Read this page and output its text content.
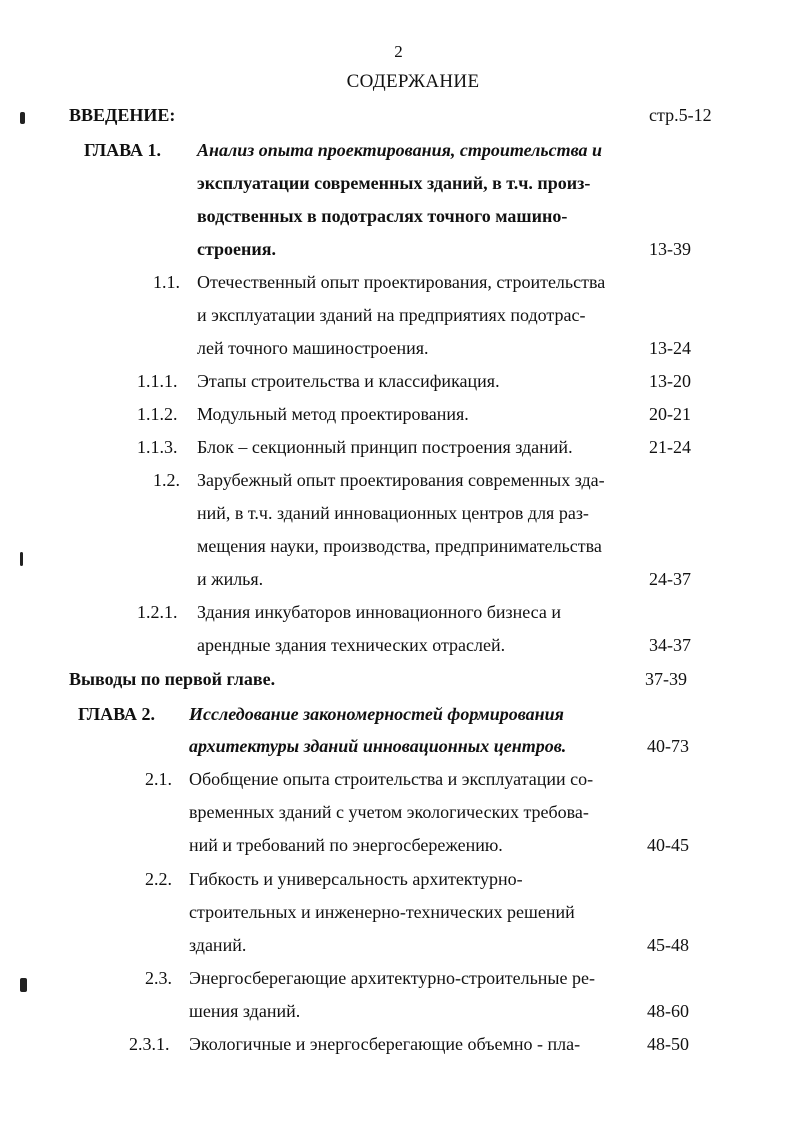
2
СОДЕРЖАНИЕ
ВВЕДЕНИЕ:	стр.5-12
ГЛАВА 1. Анализ опыта проектирования, строительства и
эксплуатации современных зданий, в т.ч. произ-
водственных в подотраслях точного машино-
строения.	13-39
1.1. Отечественный опыт проектирования, строительства
и эксплуатации зданий на предприятиях подотрас-
лей точного машиностроения.	13-24
1.1.1. Этапы строительства и классификация.	13-20
1.1.2. Модульный метод проектирования.	20-21
1.1.3. Блок – секционный принцип построения зданий.	21-24
1.2. Зарубежный опыт проектирования современных зда-
ний, в т.ч. зданий инновационных центров для раз-
мещения науки, производства, предпринимательства
и жилья.	24-37
1.2.1. Здания инкубаторов инновационного бизнеса и
арендные здания технических отраслей.	34-37
Выводы по первой главе.	37-39
ГЛАВА 2. Исследование закономерностей формирования
архитектуры зданий инновационных центров.	40-73
2.1. Обобщение опыта строительства и эксплуатации со-
временных зданий с учетом экологических требова-
ний и требований по энергосбережению.	40-45
2.2. Гибкость и универсальность архитектурно-
строительных и инженерно-технических решений
зданий.	45-48
2.3. Энергосберегающие архитектурно-строительные ре-
шения зданий.	48-60
2.3.1. Экологичные и энергосберегающие объемно - пла-	48-50
